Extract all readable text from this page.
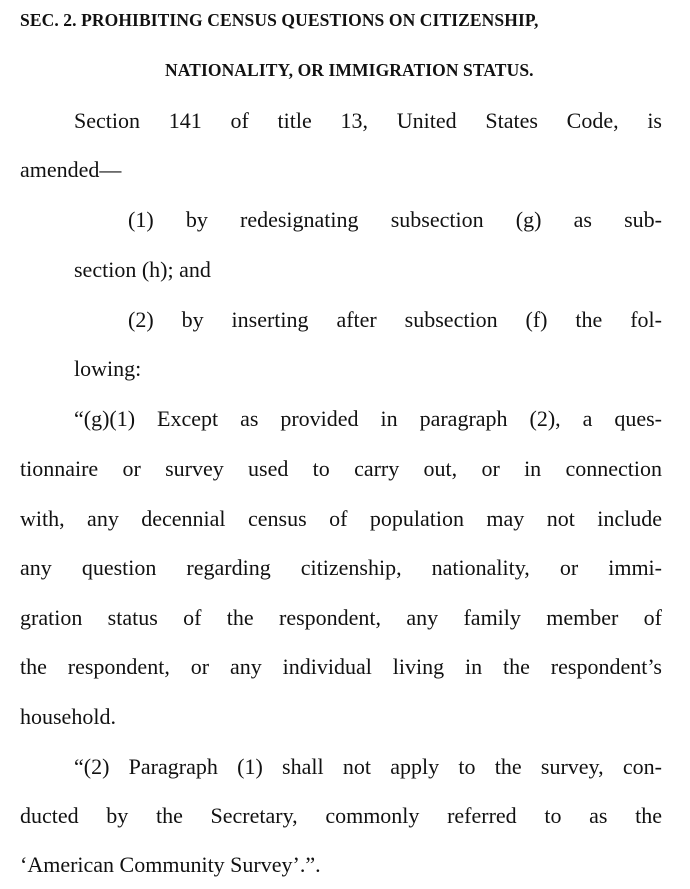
SEC. 2. PROHIBITING CENSUS QUESTIONS ON CITIZENSHIP,
NATIONALITY, OR IMMIGRATION STATUS.
Section 141 of title 13, United States Code, is
amended—
(1) by redesignating subsection (g) as sub-
section (h); and
(2) by inserting after subsection (f) the fol-
lowing:
“(g)(1) Except as provided in paragraph (2), a ques-
tionnaire or survey used to carry out, or in connection
with, any decennial census of population may not include
any question regarding citizenship, nationality, or immi-
gration status of the respondent, any family member of
the respondent, or any individual living in the respondent’s
household.
“(2) Paragraph (1) shall not apply to the survey, con-
ducted by the Secretary, commonly referred to as the
‘American Community Survey’.”.
